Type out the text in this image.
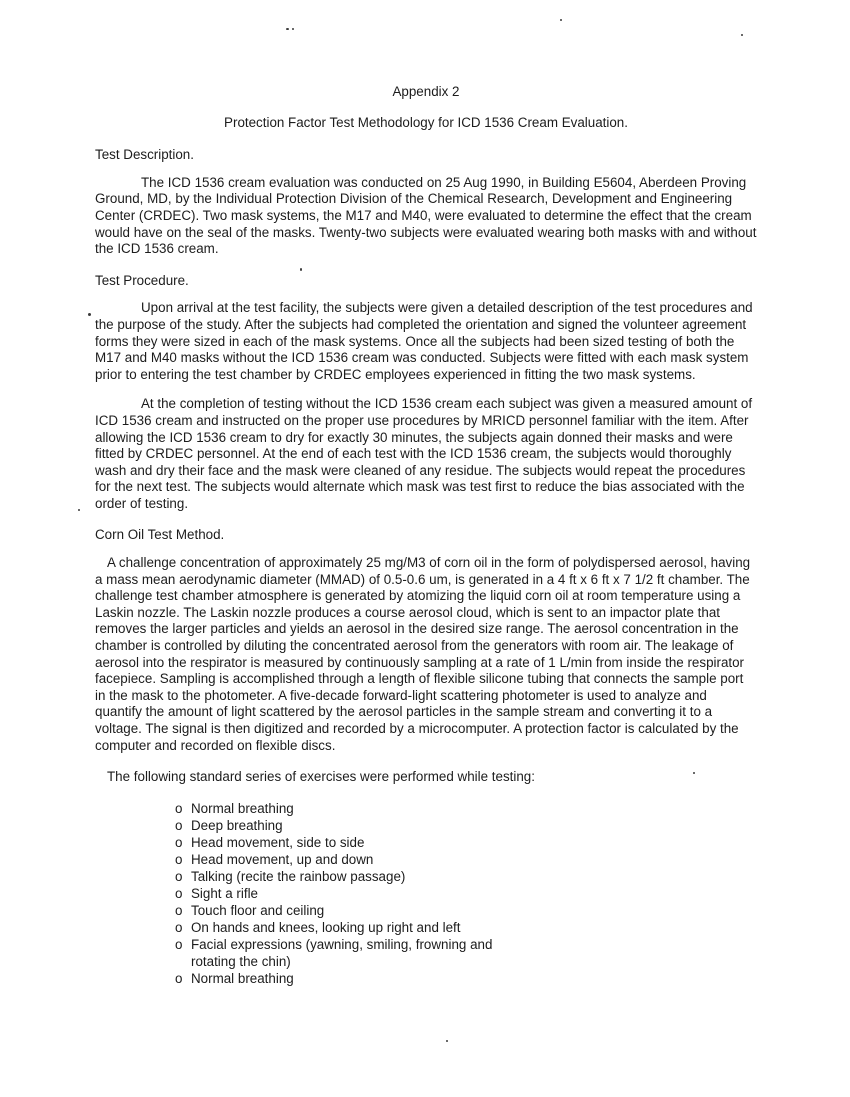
Appendix 2
Protection Factor Test Methodology for ICD 1536 Cream Evaluation.
Test Description.

The ICD 1536 cream evaluation was conducted on 25 Aug 1990, in Building E5604, Aberdeen Proving Ground, MD, by the Individual Protection Division of the Chemical Research, Development and Engineering Center (CRDEC). Two mask systems, the M17 and M40, were evaluated to determine the effect that the cream would have on the seal of the masks. Twenty-two subjects were evaluated wearing both masks with and without the ICD 1536 cream.

Test Procedure.

Upon arrival at the test facility, the subjects were given a detailed description of the test procedures and the purpose of the study. After the subjects had completed the orientation and signed the volunteer agreement forms they were sized in each of the mask systems. Once all the subjects had been sized testing of both the M17 and M40 masks without the ICD 1536 cream was conducted. Subjects were fitted with each mask system prior to entering the test chamber by CRDEC employees experienced in fitting the two mask systems.

At the completion of testing without the ICD 1536 cream each subject was given a measured amount of ICD 1536 cream and instructed on the proper use procedures by MRICD personnel familiar with the item. After allowing the ICD 1536 cream to dry for exactly 30 minutes, the subjects again donned their masks and were fitted by CRDEC personnel. At the end of each test with the ICD 1536 cream, the subjects would thoroughly wash and dry their face and the mask were cleaned of any residue. The subjects would repeat the procedures for the next test. The subjects would alternate which mask was test first to reduce the bias associated with the order of testing.

Corn Oil Test Method.

A challenge concentration of approximately 25 mg/M3 of corn oil in the form of polydispersed aerosol, having a mass mean aerodynamic diameter (MMAD) of 0.5-0.6 um, is generated in a 4 ft x 6 ft x 7 1/2 ft chamber. The challenge test chamber atmosphere is generated by atomizing the liquid corn oil at room temperature using a Laskin nozzle. The Laskin nozzle produces a course aerosol cloud, which is sent to an impactor plate that removes the larger particles and yields an aerosol in the desired size range. The aerosol concentration in the chamber is controlled by diluting the concentrated aerosol from the generators with room air. The leakage of aerosol into the respirator is measured by continuously sampling at a rate of 1 L/min from inside the respirator facepiece. Sampling is accomplished through a length of flexible silicone tubing that connects the sample port in the mask to the photometer. A five-decade forward-light scattering photometer is used to analyze and quantify the amount of light scattered by the aerosol particles in the sample stream and converting it to a voltage. The signal is then digitized and recorded by a microcomputer. A protection factor is calculated by the computer and recorded on flexible discs.

The following standard series of exercises were performed while testing:

o Normal breathing
o Deep breathing
o Head movement, side to side
o Head movement, up and down
o Talking (recite the rainbow passage)
o Sight a rifle
o Touch floor and ceiling
o On hands and knees, looking up right and left
o Facial expressions (yawning, smiling, frowning and rotating the chin)
o Normal breathing
